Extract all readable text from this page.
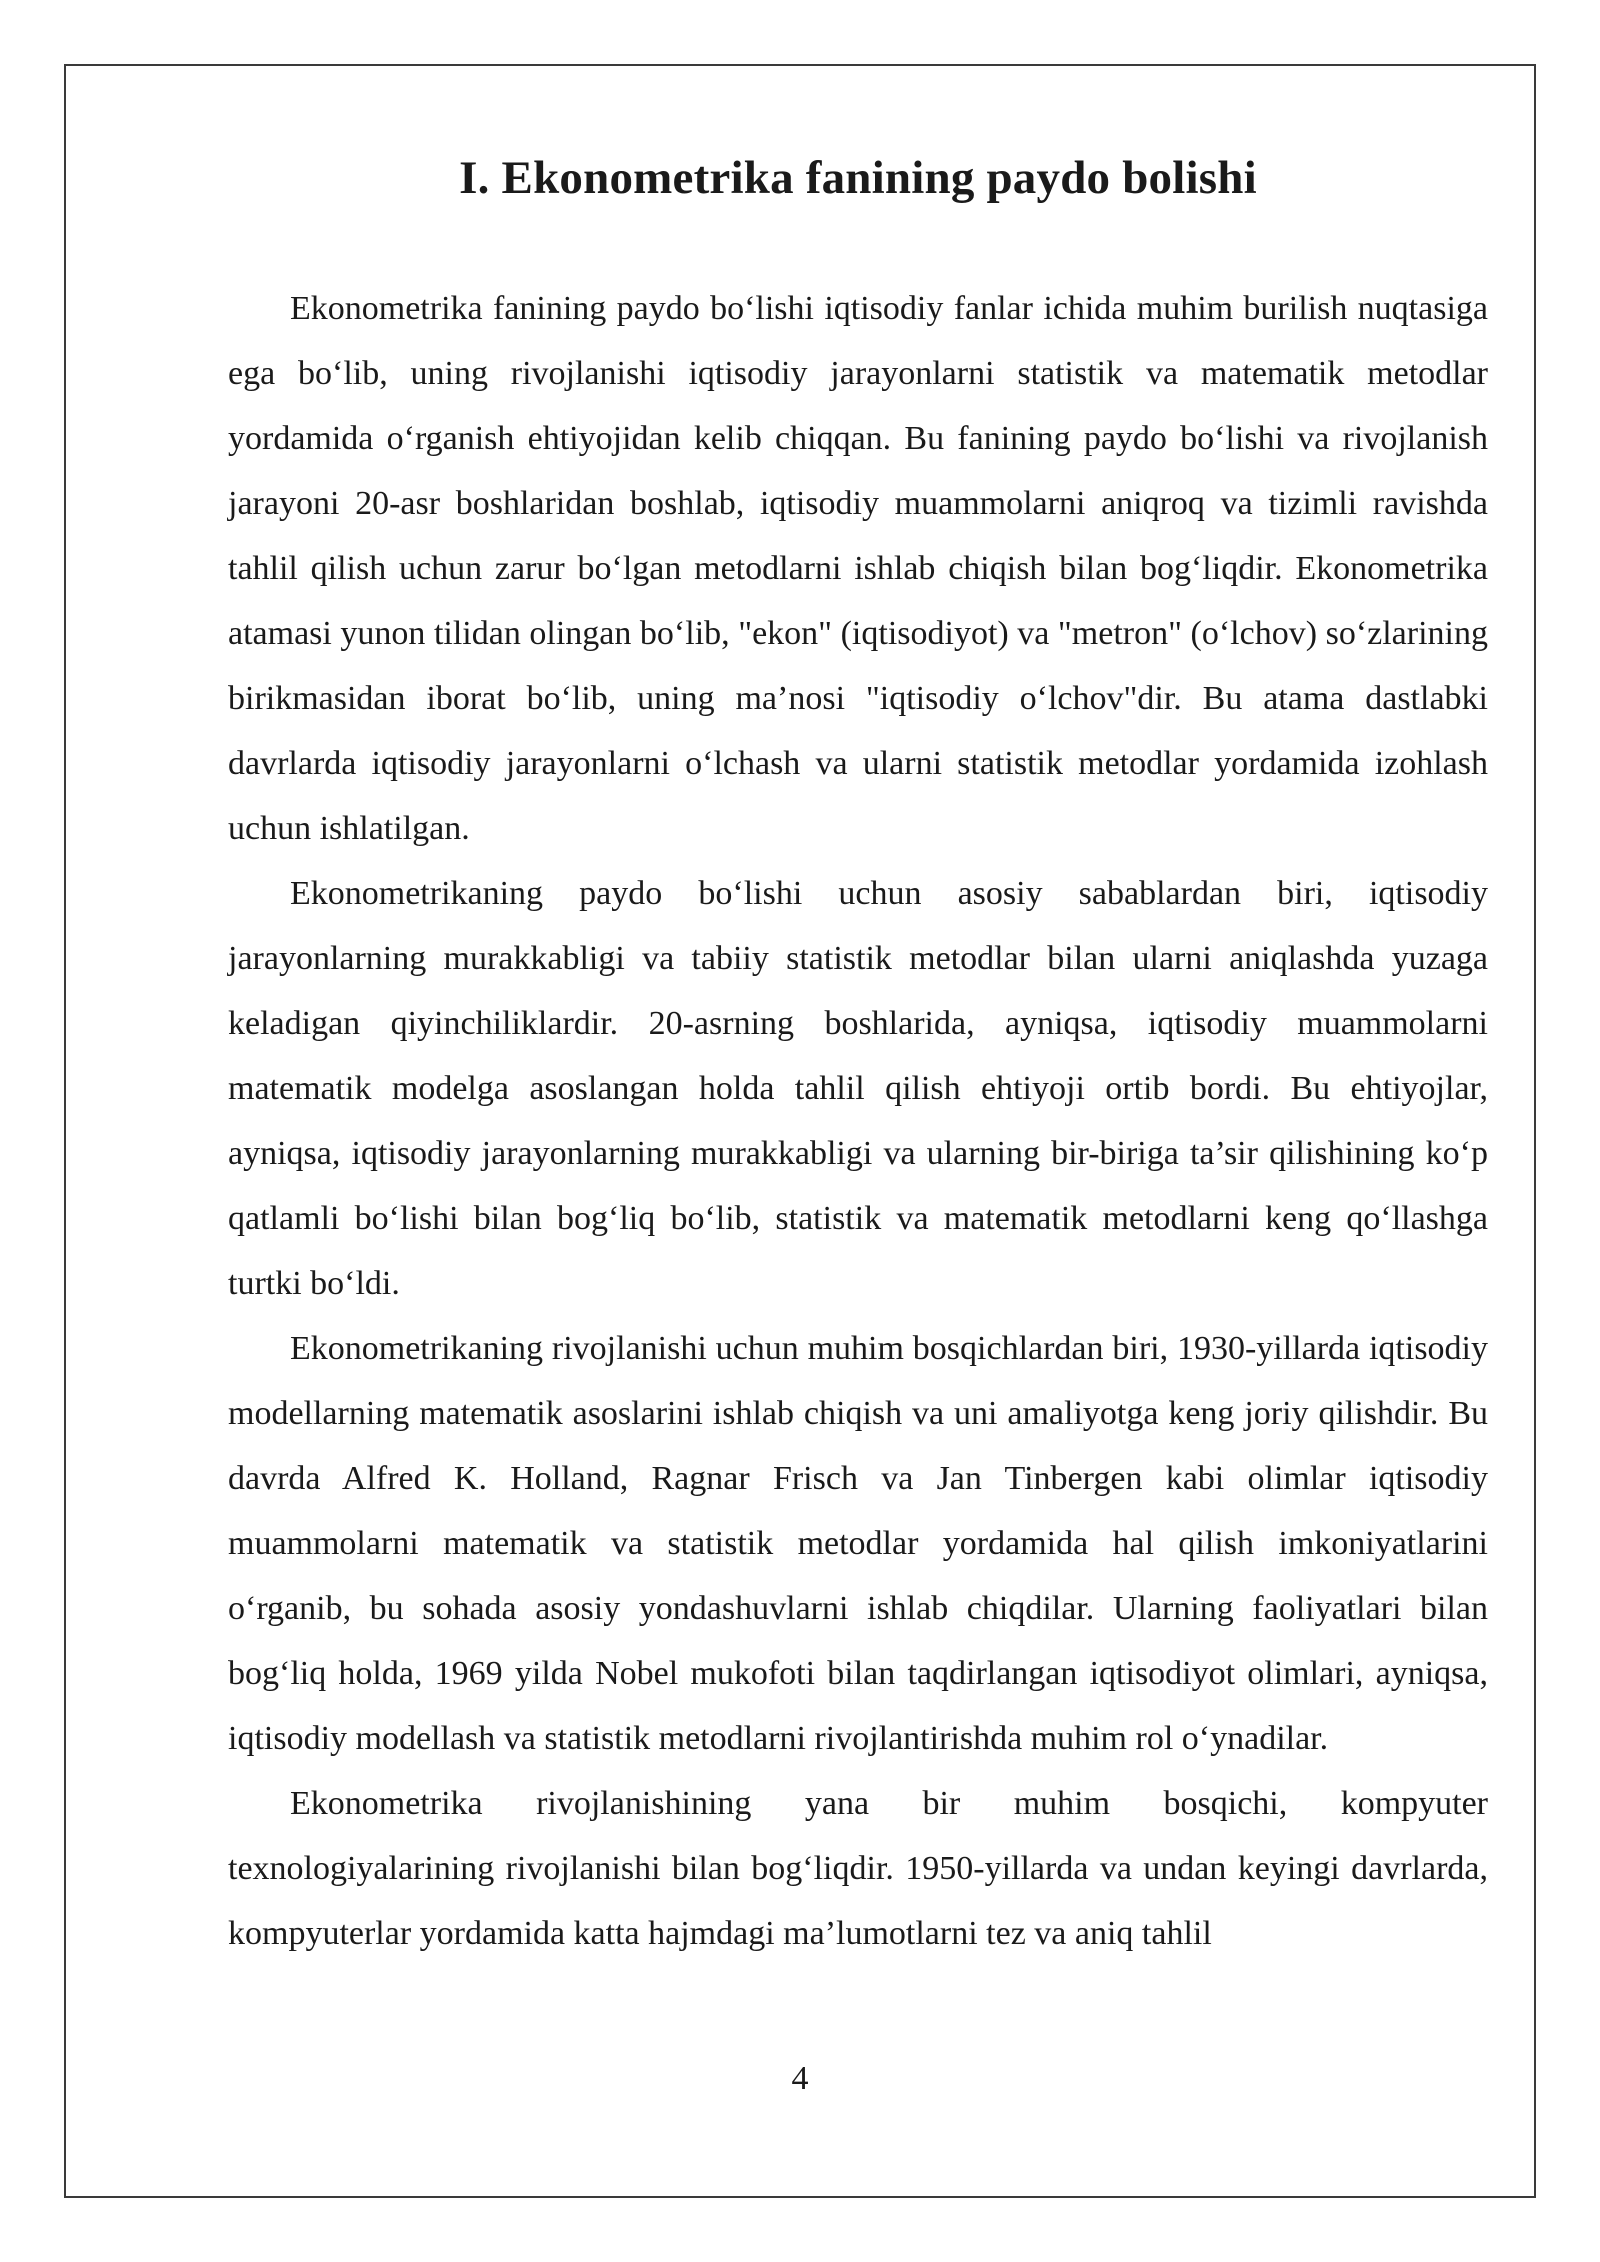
I. Ekonometrika fanining paydo bolishi

Ekonometrika fanining paydo bo‘lishi iqtisodiy fanlar ichida muhim burilish nuqtasiga ega bo‘lib, uning rivojlanishi iqtisodiy jarayonlarni statistik va matematik metodlar yordamida o‘rganish ehtiyojidan kelib chiqqan. Bu fanining paydo bo‘lishi va rivojlanish jarayoni 20-asr boshlaridan boshlab, iqtisodiy muammolarni aniqroq va tizimli ravishda tahlil qilish uchun zarur bo‘lgan metodlarni ishlab chiqish bilan bog‘liqdir. Ekonometrika atamasi yunon tilidan olingan bo‘lib, "ekon" (iqtisodiyot) va "metron" (o‘lchov) so‘zlarining birikmasidan iborat bo‘lib, uning ma’nosi "iqtisodiy o‘lchov"dir. Bu atama dastlabki davrlarda iqtisodiy jarayonlarni o‘lchash va ularni statistik metodlar yordamida izohlash uchun ishlatilgan.

Ekonometrikaning paydo bo‘lishi uchun asosiy sabablardan biri, iqtisodiy jarayonlarning murakkabligi va tabiiy statistik metodlar bilan ularni aniqlashda yuzaga keladigan qiyinchiliklardir. 20-asrning boshlarida, ayniqsa, iqtisodiy muammolarni matematik modelga asoslangan holda tahlil qilish ehtiyoji ortib bordi. Bu ehtiyojlar, ayniqsa, iqtisodiy jarayonlarning murakkabligi va ularning bir-biriga ta’sir qilishining ko‘p qatlamli bo‘lishi bilan bog‘liq bo‘lib, statistik va matematik metodlarni keng qo‘llashga turtki bo‘ldi.

Ekonometrikaning rivojlanishi uchun muhim bosqichlardan biri, 1930-yillarda iqtisodiy modellarning matematik asoslarini ishlab chiqish va uni amaliyotga keng joriy qilishdir. Bu davrda Alfred K. Holland, Ragnar Frisch va Jan Tinbergen kabi olimlar iqtisodiy muammolarni matematik va statistik metodlar yordamida hal qilish imkoniyatlarini o‘rganib, bu sohada asosiy yondashuvlarni ishlab chiqdilar. Ularning faoliyatlari bilan bog‘liq holda, 1969 yilda Nobel mukofoti bilan taqdirlangan iqtisodiyot olimlari, ayniqsa, iqtisodiy modellash va statistik metodlarni rivojlantirishda muhim rol o‘ynadilar.

Ekonometrika rivojlanishining yana bir muhim bosqichi, kompyuter texnologiyalarining rivojlanishi bilan bog‘liqdir. 1950-yillarda va undan keyingi davrlarda, kompyuterlar yordamida katta hajmdagi ma’lumotlarni tez va aniq tahlil

4
